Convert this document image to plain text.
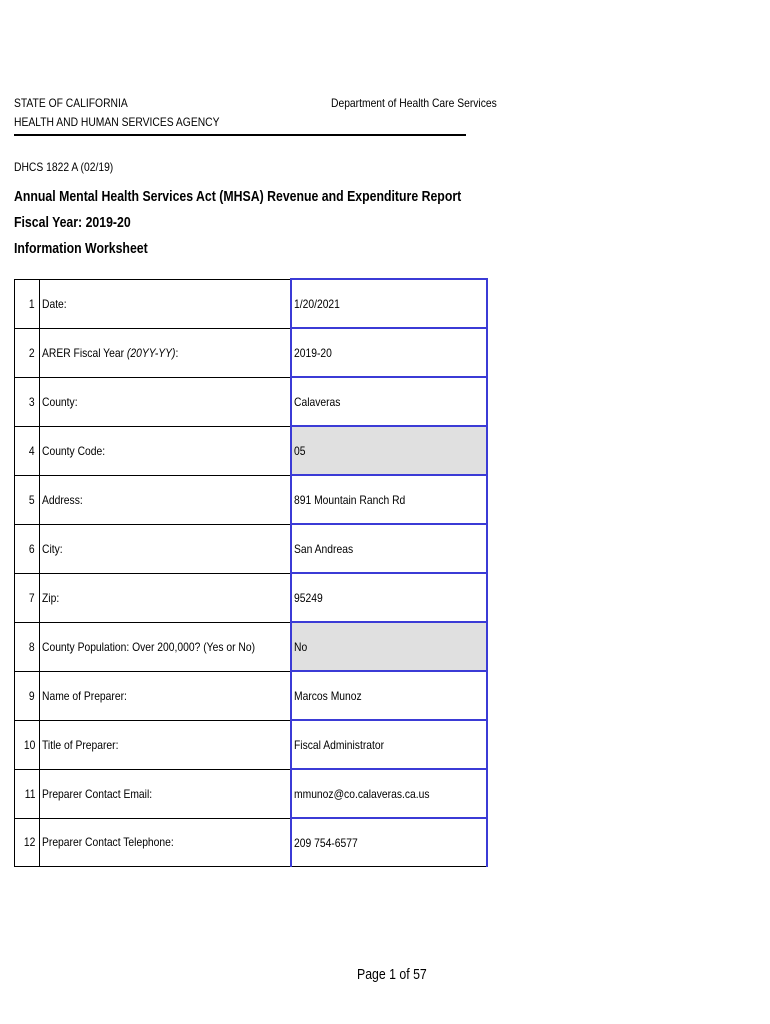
STATE OF CALIFORNIA
HEALTH AND HUMAN SERVICES AGENCY
Department of Health Care Services
DHCS 1822 A (02/19)
Annual Mental Health Services Act (MHSA) Revenue and Expenditure Report
Fiscal Year: 2019-20
Information Worksheet
1	Date:	1/20/2021
2	ARER Fiscal Year (20YY-YY):	2019-20
3	County:	Calaveras
4	County Code:	05
5	Address:	891 Mountain Ranch Rd
6	City:	San Andreas
7	Zip:	95249
8	County Population: Over 200,000? (Yes or No)	No
9	Name of Preparer:	Marcos Munoz
10	Title of Preparer:	Fiscal Administrator
11	Preparer Contact Email:	mmunoz@co.calaveras.ca.us
12	Preparer Contact Telephone:	209 754-6577
Page 1 of 57
